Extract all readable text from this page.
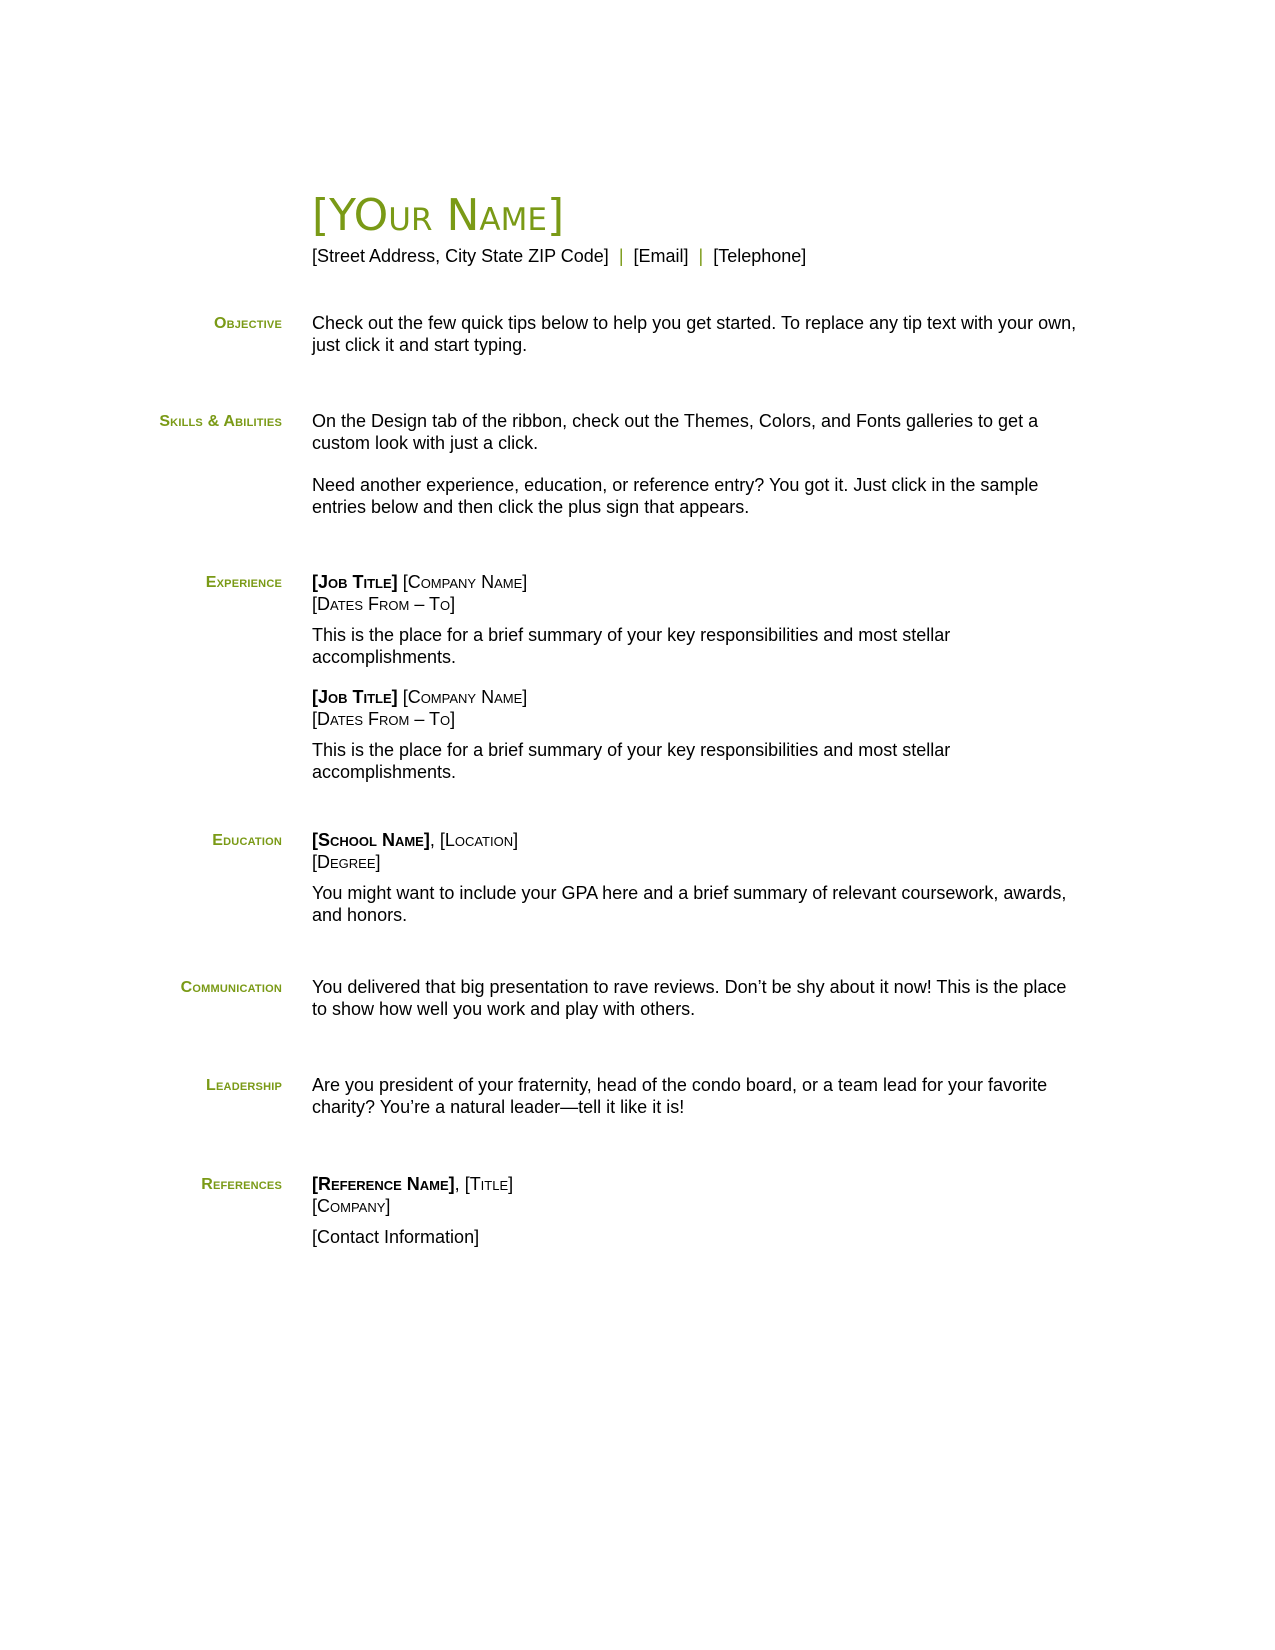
[YOur Name]
[Street Address, City State ZIP Code] | [Email] | [Telephone]
Objective Check out the few quick tips below to help you get started. To replace any tip text with your own, just click it and start typing.

Skills & Abilities On the Design tab of the ribbon, check out the Themes, Colors, and Fonts galleries to get a custom look with just a click.

Need another experience, education, or reference entry? You got it. Just click in the sample entries below and then click the plus sign that appears.

Experience [Job Title] [Company Name]
[Dates From – To]
This is the place for a brief summary of your key responsibilities and most stellar accomplishments.
[Job Title] [Company Name]
[Dates From – To]
This is the place for a brief summary of your key responsibilities and most stellar accomplishments.
Education [School Name], [Location]
[Degree]
You might want to include your GPA here and a brief summary of relevant coursework, awards, and honors.
Communication You delivered that big presentation to rave reviews. Don’t be shy about it now! This is the place to show how well you work and play with others.

Leadership Are you president of your fraternity, head of the condo board, or a team lead for your favorite charity? You’re a natural leader—tell it like it is!

References [Reference Name], [Title]
[Company]
[Contact Information]
